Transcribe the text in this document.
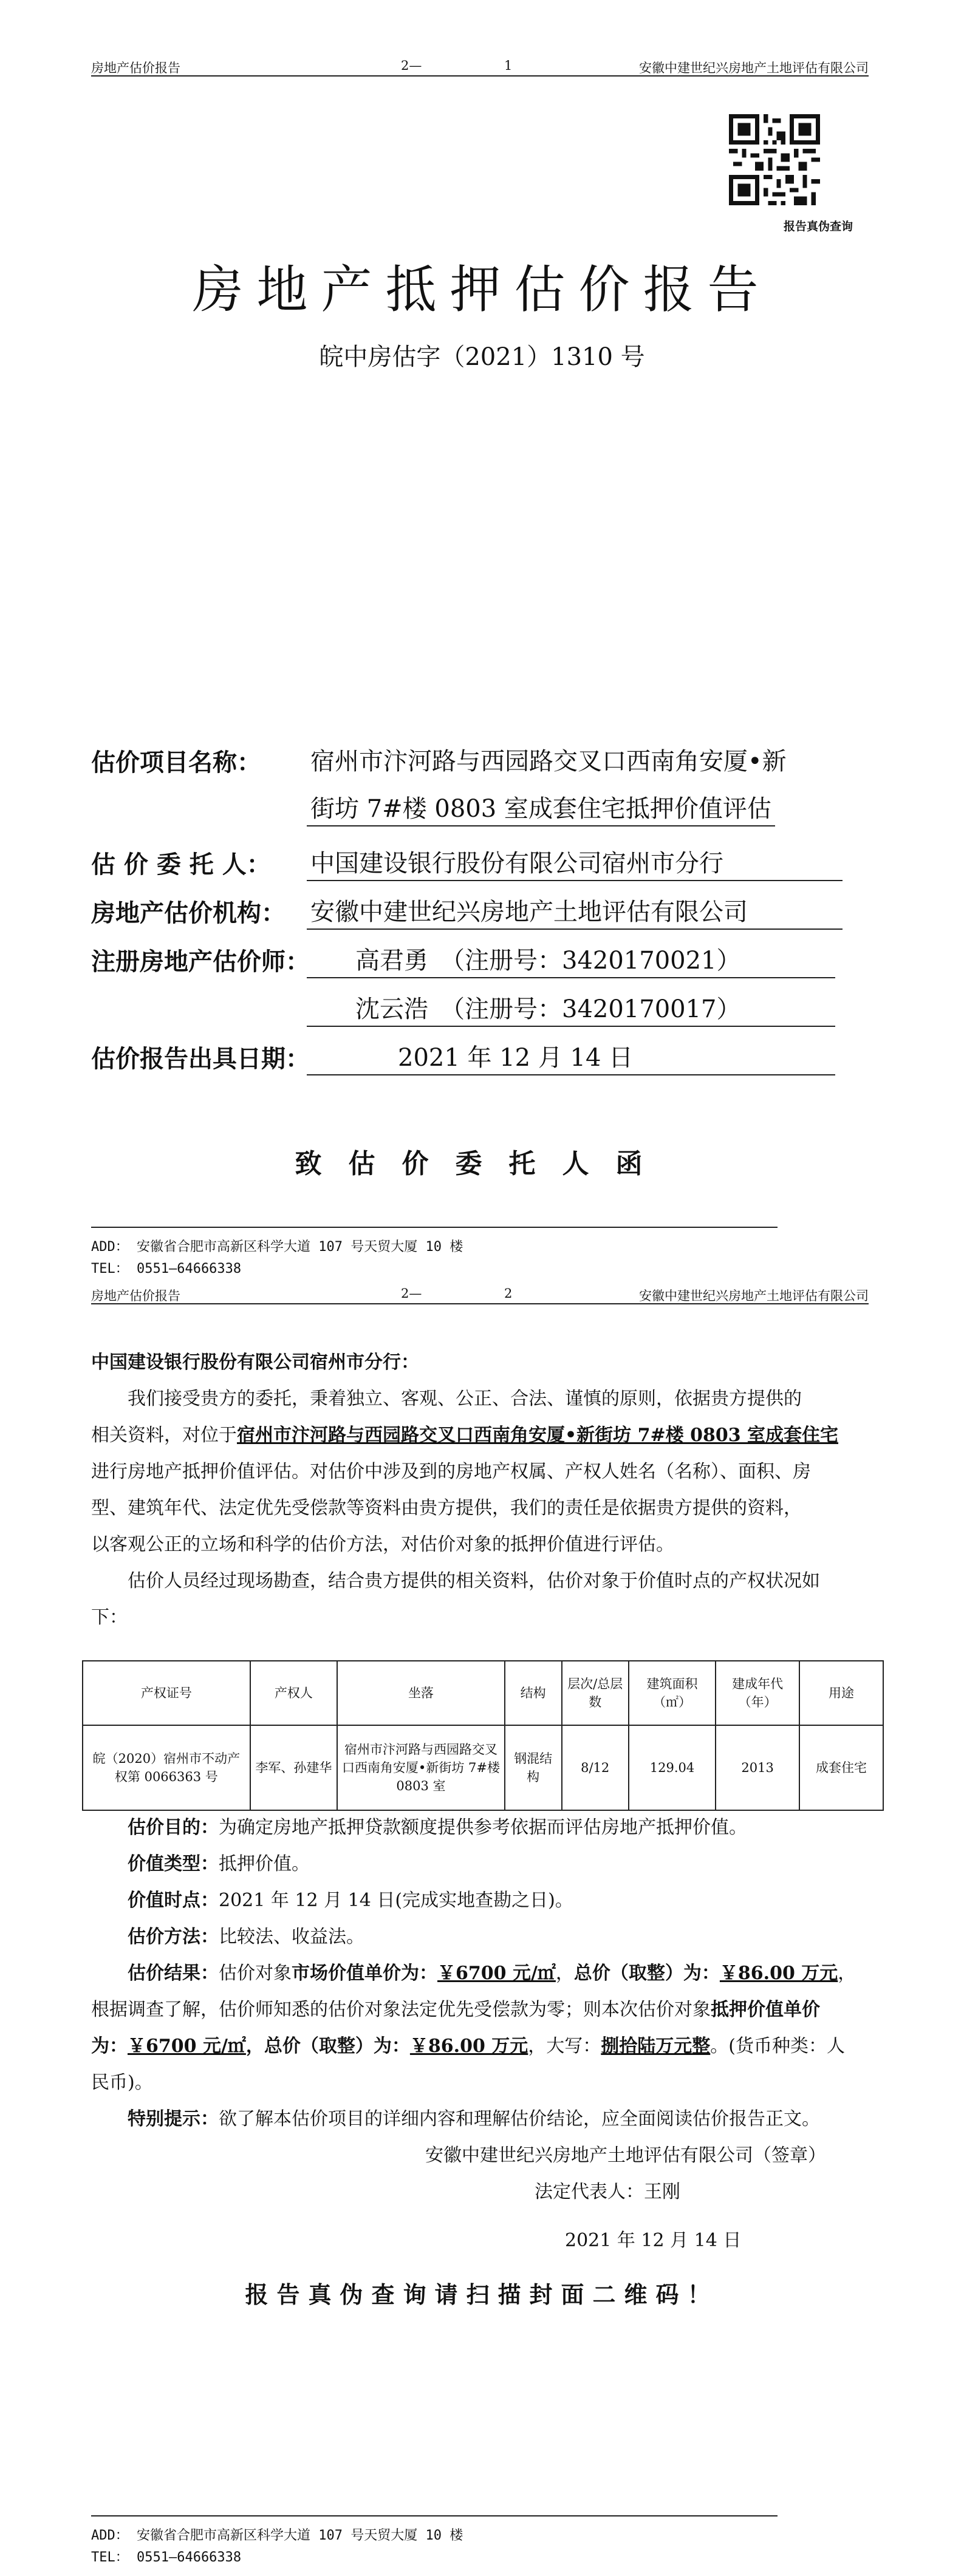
房地产估价报告	2—	1	安徽中建世纪兴房地产土地评估有限公司
报告真伪查询
房地产抵押估价报告
皖中房估字（2021）1310 号
估价项目名称： 宿州市汴河路与西园路交叉口西南角安厦•新
街坊 7#楼 0803 室成套住宅抵押价值评估
估 价 委 托 人： 中国建设银行股份有限公司宿州市分行
房地产估价机构： 安徽中建世纪兴房地产土地评估有限公司
注册房地产估价师：	高君勇　（注册号：3420170021）
沈云浩　（注册号：3420170017）
估价报告出具日期：	2021 年 12 月 14 日
致估价委托人函
ADD： 安徽省合肥市高新区科学大道 107 号天贸大厦 10 楼
TEL： 0551—64666338
房地产估价报告	2—	2	安徽中建世纪兴房地产土地评估有限公司
中国建设银行股份有限公司宿州市分行：
我们接受贵方的委托，秉着独立、客观、公正、合法、谨慎的原则，依据贵方提供的
相关资料，对位于宿州市汴河路与西园路交叉口西南角安厦•新街坊 7#楼 0803 室成套住宅
进行房地产抵押价值评估。对估价中涉及到的房地产权属、产权人姓名（名称）、面积、房
型、建筑年代、法定优先受偿款等资料由贵方提供，我们的责任是依据贵方提供的资料，
以客观公正的立场和科学的估价方法，对估价对象的抵押价值进行评估。
估价人员经过现场勘查，结合贵方提供的相关资料，估价对象于价值时点的产权状况如
下：
产权证号	产权人	坐落	结构	层次/总层数	建筑面积（㎡）	建成年代（年）	用途
皖（2020）宿州市不动产权第 0066363 号	李军、孙建华	宿州市汴河路与西园路交叉口西南角安厦•新街坊 7#楼 0803 室	钢混结构	8/12	129.04	2013	成套住宅
估价目的：为确定房地产抵押贷款额度提供参考依据而评估房地产抵押价值。
价值类型：抵押价值。
价值时点：2021 年 12 月 14 日(完成实地查勘之日)。
估价方法：比较法、收益法。
估价结果：估价对象市场价值单价为：￥6700 元/㎡，总价（取整）为：￥86.00 万元，
根据调查了解，估价师知悉的估价对象法定优先受偿款为零；则本次估价对象抵押价值单价
为：￥6700 元/㎡，总价（取整）为：￥86.00 万元，大写：捌拾陆万元整。(货币种类：人
民币)。
特别提示：欲了解本估价项目的详细内容和理解估价结论，应全面阅读估价报告正文。
安徽中建世纪兴房地产土地评估有限公司（签章）
法定代表人：王刚
2021 年 12 月 14 日
报告真伪查询请扫描封面二维码！
ADD： 安徽省合肥市高新区科学大道 107 号天贸大厦 10 楼
TEL： 0551—64666338
